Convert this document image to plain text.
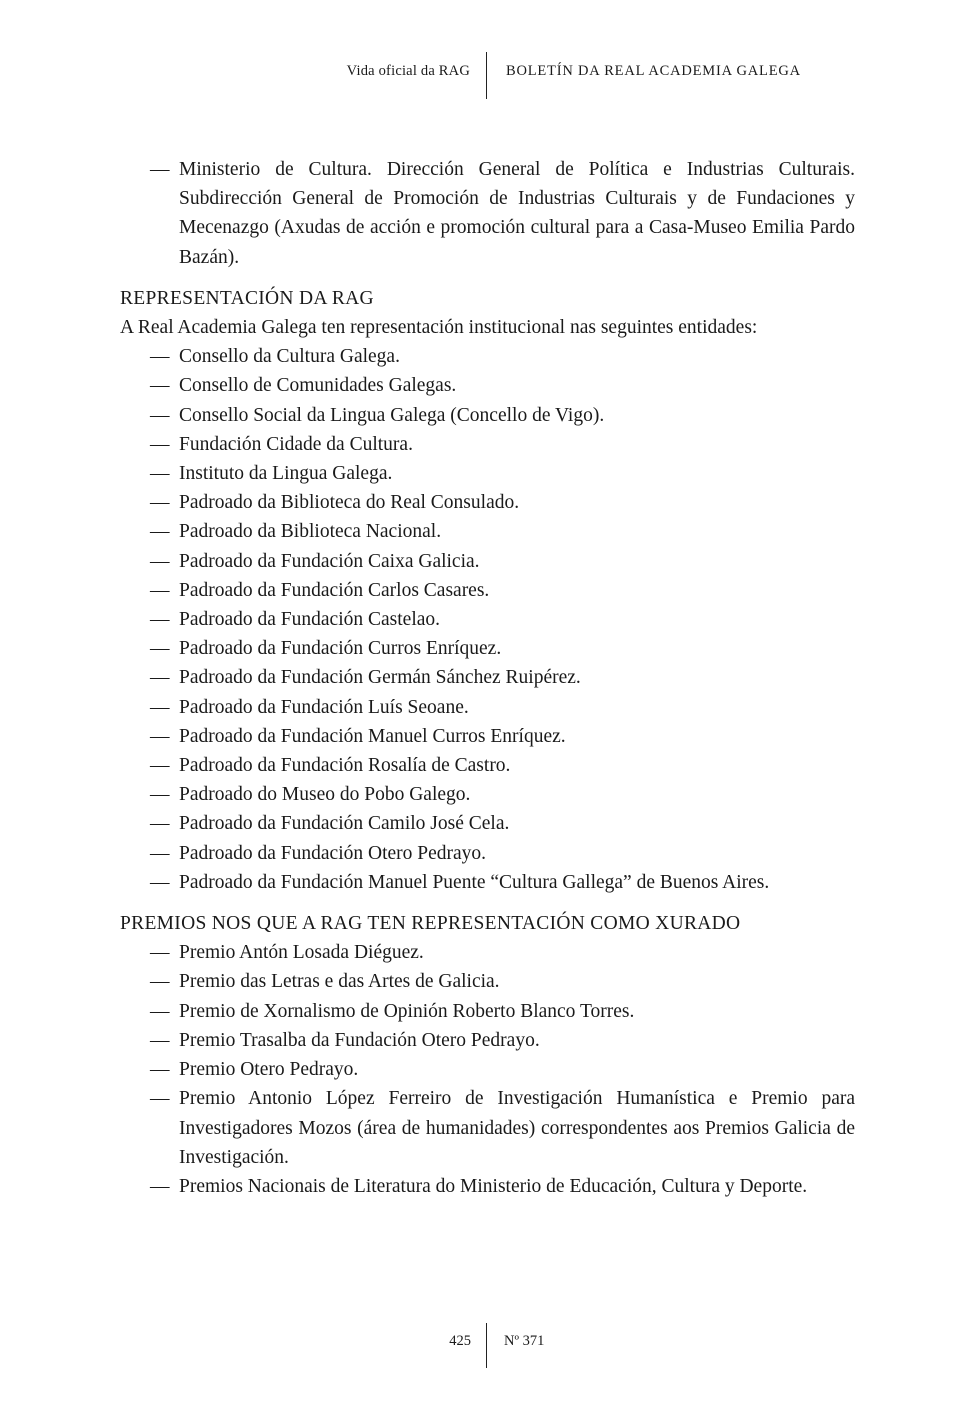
Vida oficial da RAG BOLETÍN DA REAL ACADEMIA GALEGA
— Ministerio de Cultura. Dirección General de Política e Industrias Culturais. Subdirección General de Promoción de Industrias Culturais y de Fundaciones y Mecenazgo (Axudas de acción e promoción cultural para a Casa-Museo Emilia Pardo Bazán).
REPRESENTACIÓN DA RAG
A Real Academia Galega ten representación institucional nas seguintes entidades:
— Consello da Cultura Galega.
— Consello de Comunidades Galegas.
— Consello Social da Lingua Galega (Concello de Vigo).
— Fundación Cidade da Cultura.
— Instituto da Lingua Galega.
— Padroado da Biblioteca do Real Consulado.
— Padroado da Biblioteca Nacional.
— Padroado da Fundación Caixa Galicia.
— Padroado da Fundación Carlos Casares.
— Padroado da Fundación Castelao.
— Padroado da Fundación Curros Enríquez.
— Padroado da Fundación Germán Sánchez Ruipérez.
— Padroado da Fundación Luís Seoane.
— Padroado da Fundación Manuel Curros Enríquez.
— Padroado da Fundación Rosalía de Castro.
— Padroado do Museo do Pobo Galego.
— Padroado da Fundación Camilo José Cela.
— Padroado da Fundación Otero Pedrayo.
— Padroado da Fundación Manuel Puente “Cultura Gallega” de Buenos Aires.
PREMIOS NOS QUE A RAG TEN REPRESENTACIÓN COMO XURADO
— Premio Antón Losada Diéguez.
— Premio das Letras e das Artes de Galicia.
— Premio de Xornalismo de Opinión Roberto Blanco Torres.
— Premio Trasalba da Fundación Otero Pedrayo.
— Premio Otero Pedrayo.
— Premio Antonio López Ferreiro de Investigación Humanística e Premio para Investigadores Mozos (área de humanidades) correspondentes aos Premios Galicia de Investigación.
— Premios Nacionais de Literatura do Ministerio de Educación, Cultura y Deporte.
425 Nº 371
